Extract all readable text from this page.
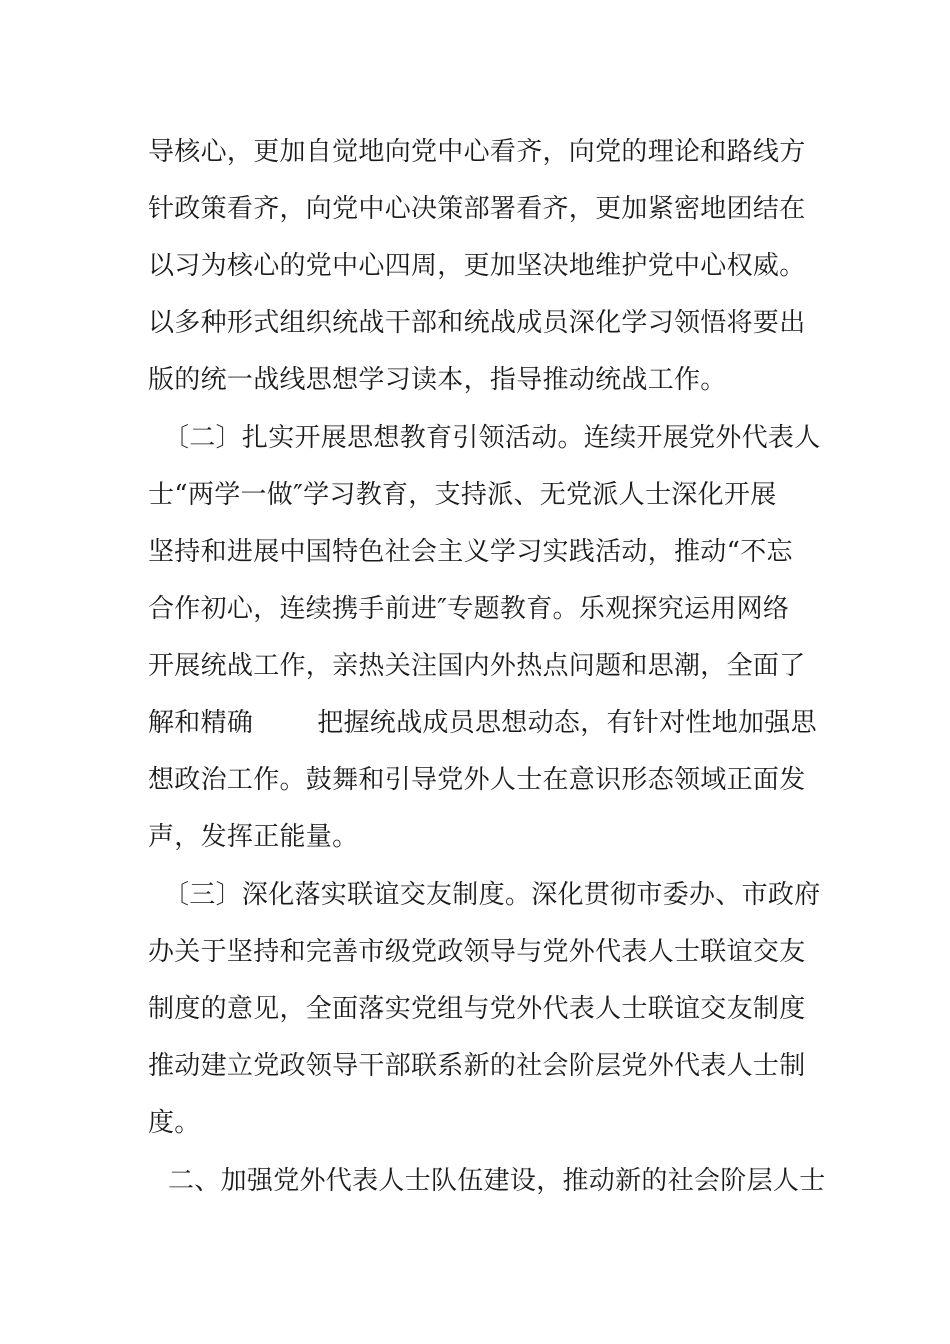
导核心，更加自觉地向党中心看齐，向党的理论和路线方
针政策看齐，向党中心决策部署看齐，更加紧密地团结在
以习为核心的党中心四周，更加坚决地维护党中心权威。
以多种形式组织统战干部和统战成员深化学习领悟将要出
版的统一战线思想学习读本，指导推动统战工作。
〔二〕扎实开展思想教育引领活动。连续开展党外代表人
士“两学一做″学习教育，支持派、无党派人士深化开展
坚持和进展中国特色社会主义学习实践活动，推动“不忘
合作初心，连续携手前进″专题教育。乐观探究运用网络
开展统战工作，亲热关注国内外热点问题和思潮，全面了
解和精确 把握统战成员思想动态，有针对性地加强思
想政治工作。鼓舞和引导党外人士在意识形态领域正面发
声，发挥正能量。
〔三〕深化落实联谊交友制度。深化贯彻市委办、市政府
办关于坚持和完善市级党政领导与党外代表人士联谊交友
制度的意见，全面落实党组与党外代表人士联谊交友制度
推动建立党政领导干部联系新的社会阶层党外代表人士制
度。
二、加强党外代表人士队伍建设，推动新的社会阶层人士
